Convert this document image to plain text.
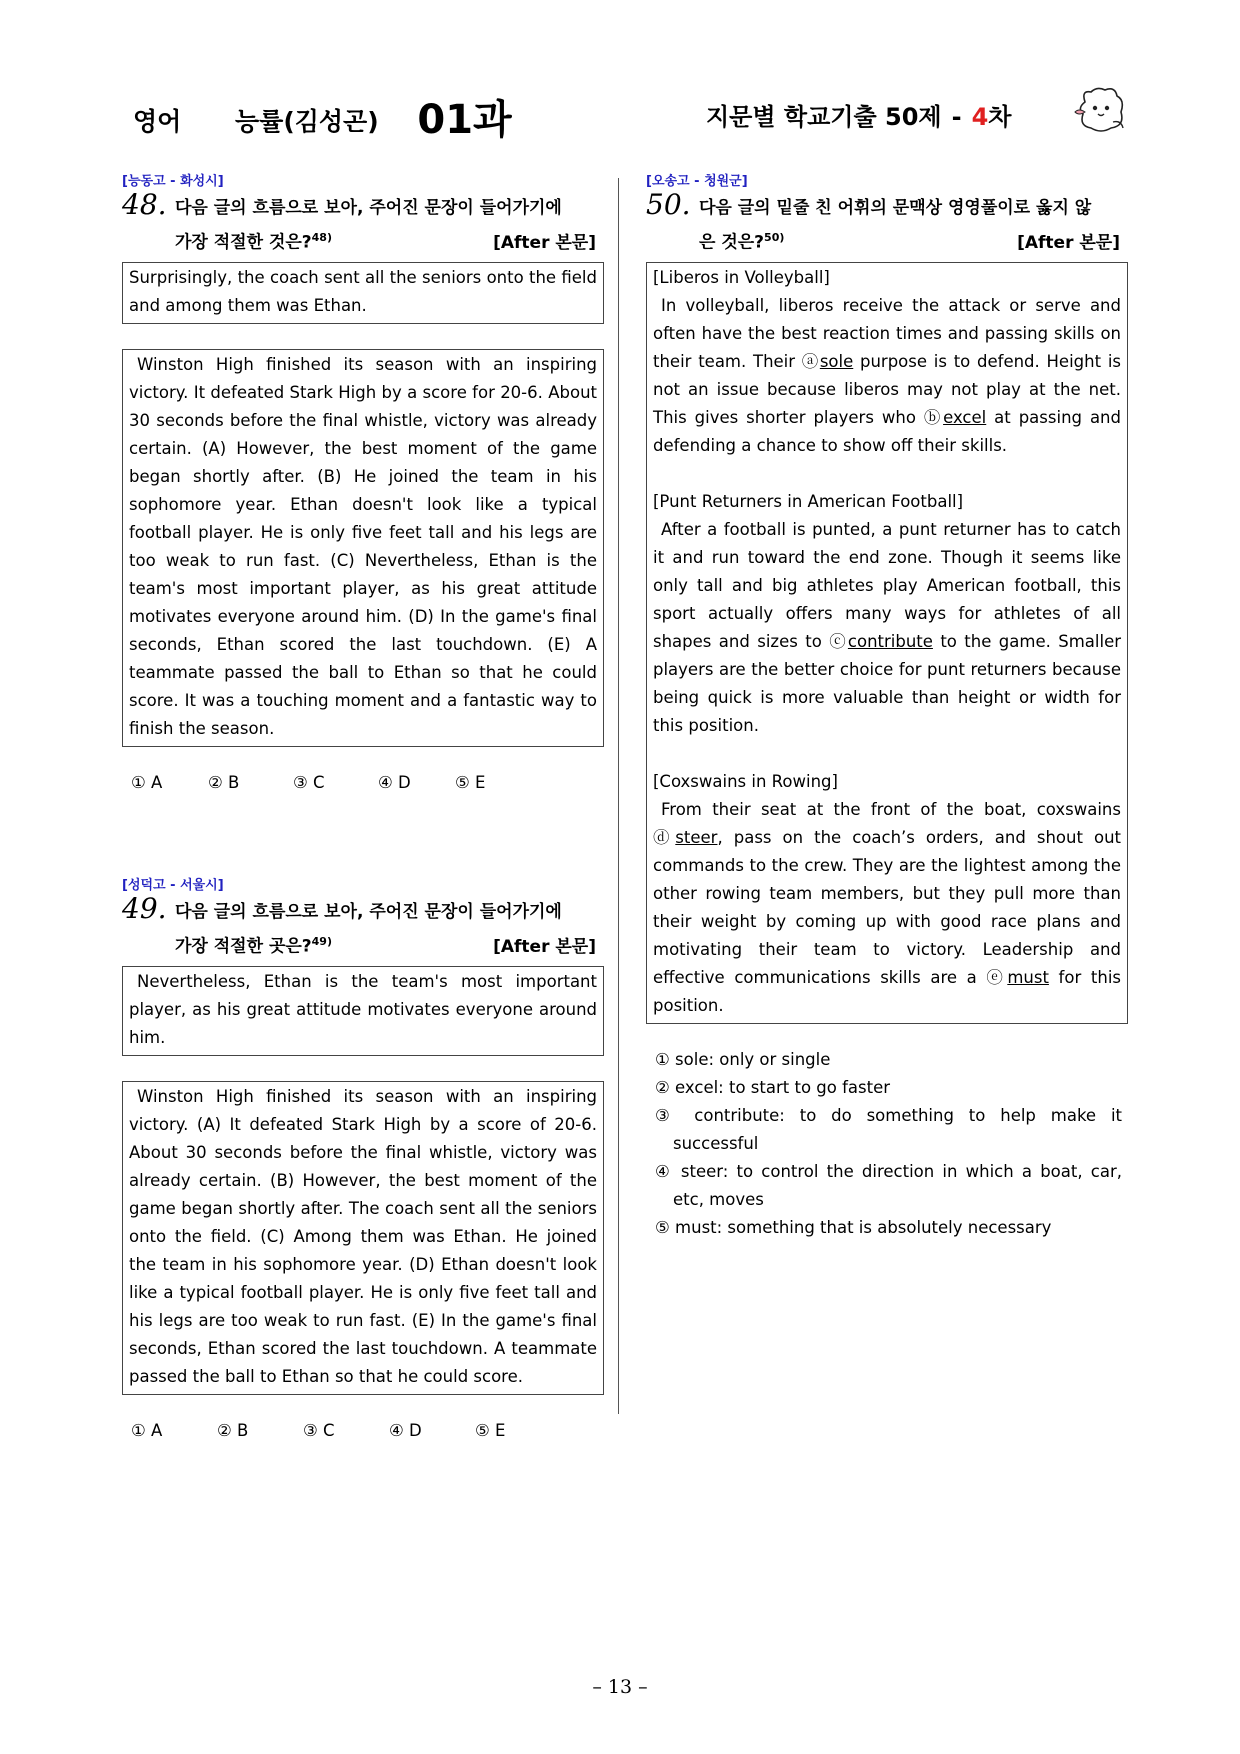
영어 능률(김성곤) 01과	지문별 학교기출 50제 - 4차
[능동고 - 화성시]
48. 다음 글의 흐름으로 보아, 주어진 문장이 들어가기에
가장 적절한 것은?$^{48)}$	[After 본문]

Surprisingly, the coach sent all the seniors onto the field and among them was Ethan.

Winston High finished its season with an inspiring victory. It defeated Stark High by a score for 20-6. About 30 seconds before the final whistle, victory was already certain. (A) However, the best moment of the game began shortly after. (B) He joined the team in his sophomore year. Ethan doesn't look like a typical football player. He is only five feet tall and his legs are too weak to run fast. (C) Nevertheless, Ethan is the team's most important player, as his great attitude motivates everyone around him. (D) In the game's final seconds, Ethan scored the last touchdown. (E) A teammate passed the ball to Ethan so that he could score. It was a touching moment and a fantastic way to finish the season.

① A	② B	③ C	④ D	⑤ E
[성덕고 - 서울시]
49. 다음 글의 흐름으로 보아, 주어진 문장이 들어가기에
가장 적절한 곳은?$^{49)}$	[After 본문]

Nevertheless, Ethan is the team's most important player, as his great attitude motivates everyone around him.

Winston High finished its season with an inspiring victory. (A) It defeated Stark High by a score of 20-6. About 30 seconds before the final whistle, victory was already certain. (B) However, the best moment of the game began shortly after. The coach sent all the seniors onto the field. (C) Among them was Ethan. He joined the team in his sophomore year. (D) Ethan doesn't look like a typical football player. He is only five feet tall and his legs are too weak to run fast. (E) In the game's final seconds, Ethan scored the last touchdown. A teammate passed the ball to Ethan so that he could score.

① A	② B	③ C	④ D	⑤ E
[오송고 - 청원군]
50. 다음 글의 밑줄 친 어휘의 문맥상 영영풀이로 옳지 않
은 것은?$^{50)}$	[After 본문]

[Liberos in Volleyball]

In volleyball, liberos receive the attack or serve and often have the best reaction times and passing skills on their team. Their ⓐsole purpose is to defend. Height is not an issue because liberos may not play at the net. This gives shorter players who ⓑexcel at passing and defending a chance to show off their skills.

[Punt Returners in American Football]

After a football is punted, a punt returner has to catch it and run toward the end zone. Though it seems like only tall and big athletes play American football, this sport actually offers many ways for athletes of all shapes and sizes to ⓒcontribute to the game. Smaller players are the better choice for punt returners because being quick is more valuable than height or width for this position.

[Coxswains in Rowing]

From their seat at the front of the boat, coxswains ⓓsteer, pass on the coach’s orders, and shout out commands to the crew. They are the lightest among the other rowing team members, but they pull more than their weight by coming up with good race plans and motivating their team to victory. Leadership and effective communications skills are a ⓔmust for this position.

① sole: only or single
② excel: to start to go faster
③ contribute: to do something to help make it successful
④ steer: to control the direction in which a boat, car, etc, moves
⑤ must: something that is absolutely necessary
– 13 –
